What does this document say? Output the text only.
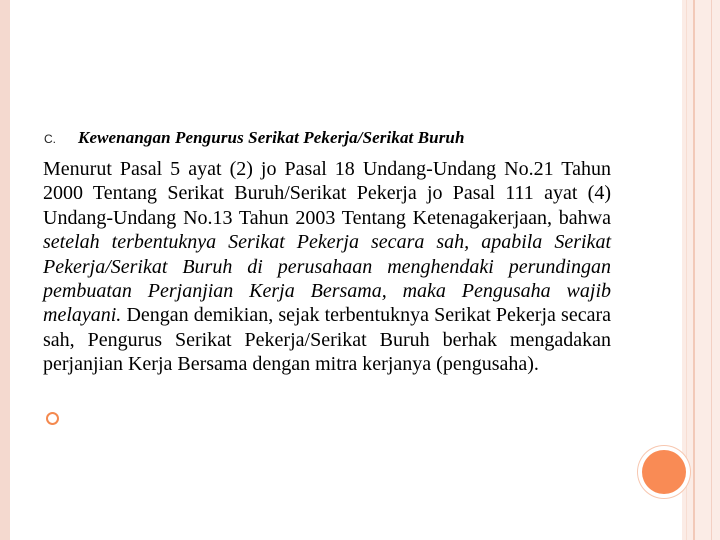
C.	Kewenangan Pengurus Serikat Pekerja/Serikat Buruh
Menurut Pasal 5 ayat (2) jo Pasal 18 Undang-Undang No.21 Tahun 2000 Tentang Serikat Buruh/Serikat Pekerja jo Pasal 111 ayat (4) Undang-Undang No.13 Tahun 2003 Tentang Ketenagakerjaan, bahwa setelah terbentuknya Serikat Pekerja secara sah, apabila Serikat Pekerja/Serikat Buruh di perusahaan menghendaki perundingan pembuatan Perjanjian Kerja Bersama, maka Pengusaha wajib melayani. Dengan demikian, sejak terbentuknya Serikat Pekerja secara sah, Pengurus Serikat Pekerja/Serikat Buruh berhak mengadakan perjanjian Kerja Bersama dengan mitra kerjanya (pengusaha).
